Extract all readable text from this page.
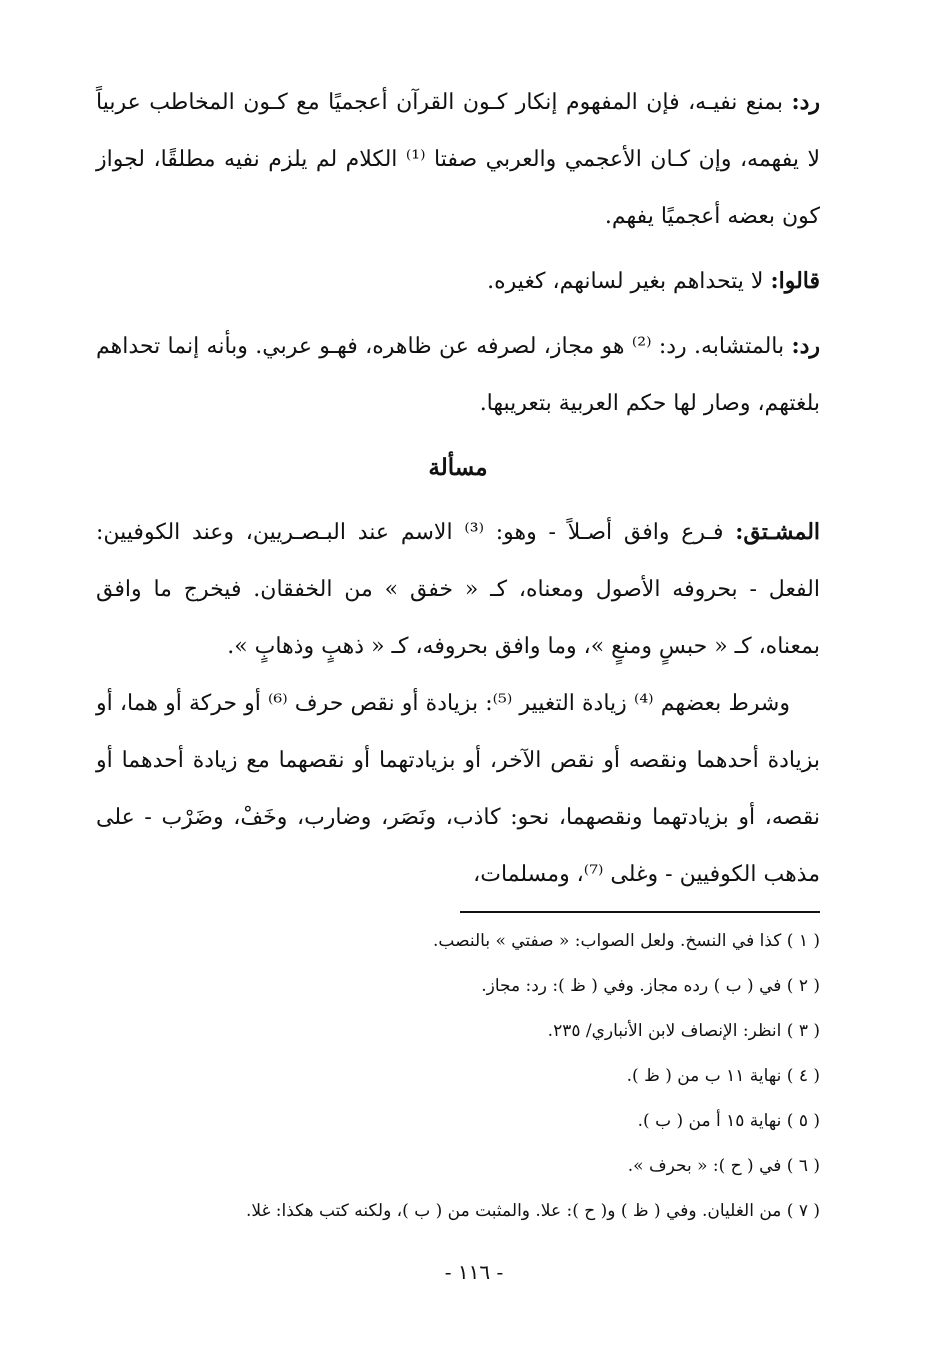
رد: بمنع نفيـه، فإن المفهوم إنكار كـون القرآن أعجميًا مع كـون المخاطب عربياً لا يفهمه، وإن كـان الأعجمي والعربي صفتا ⁽¹⁾ الكلام لم يلزم نفيه مطلقًا، لجواز كون بعضه أعجميًا يفهم.

قالوا: لا يتحداهم بغير لسانهم، كغيره.

رد: بالمتشابه. رد: ⁽²⁾ هو مجاز، لصرفه عن ظاهره، فهـو عربي. وبأنه إنما تحداهم بلغتهم، وصار لها حكم العربية بتعريبها.

مسألة

المشـتق: فـرع وافق أصـلاً - وهو: ⁽³⁾ الاسم عند البـصـريين، وعند الكوفيين: الفعل - بحروفه الأصول ومعناه، كـ « خفق » من الخفقان. فيخرج ما وافق بمعناه، كـ « حبسٍ ومنعٍ »، وما وافق بحروفه، كـ « ذهبٍ وذهابٍ ».

وشرط بعضهم ⁽⁴⁾ زيادة التغيير ⁽⁵⁾: بزيادة أو نقص حرف ⁽⁶⁾ أو حركة أو هما، أو بزيادة أحدهما ونقصه أو نقص الآخر، أو بزيادتهما أو نقصهما مع زيادة أحدهما أو نقصه، أو بزيادتهما ونقصهما، نحو: كاذب، ونَصَر، وضارب، وخَفْ، وضَرْب - على مذهب الكوفيين - وغلى ⁽⁷⁾، ومسلمات،

( ١ ) كذا في النسخ. ولعل الصواب: « صفتي » بالنصب.
( ٢ ) في ( ب ) رده مجاز. وفي ( ظ ): رد: مجاز.
( ٣ ) انظر: الإنصاف لابن الأنباري/ ٢٣٥.
( ٤ ) نهاية ١١ ب من ( ظ ).
( ٥ ) نهاية ١٥ أ من ( ب ).
( ٦ ) في ( ح ): « بحرف ».
( ٧ ) من الغليان. وفي ( ظ ) و( ح ): علا. والمثبت من ( ب )، ولكنه كتب هكذا: غلا.
- ١١٦ -
